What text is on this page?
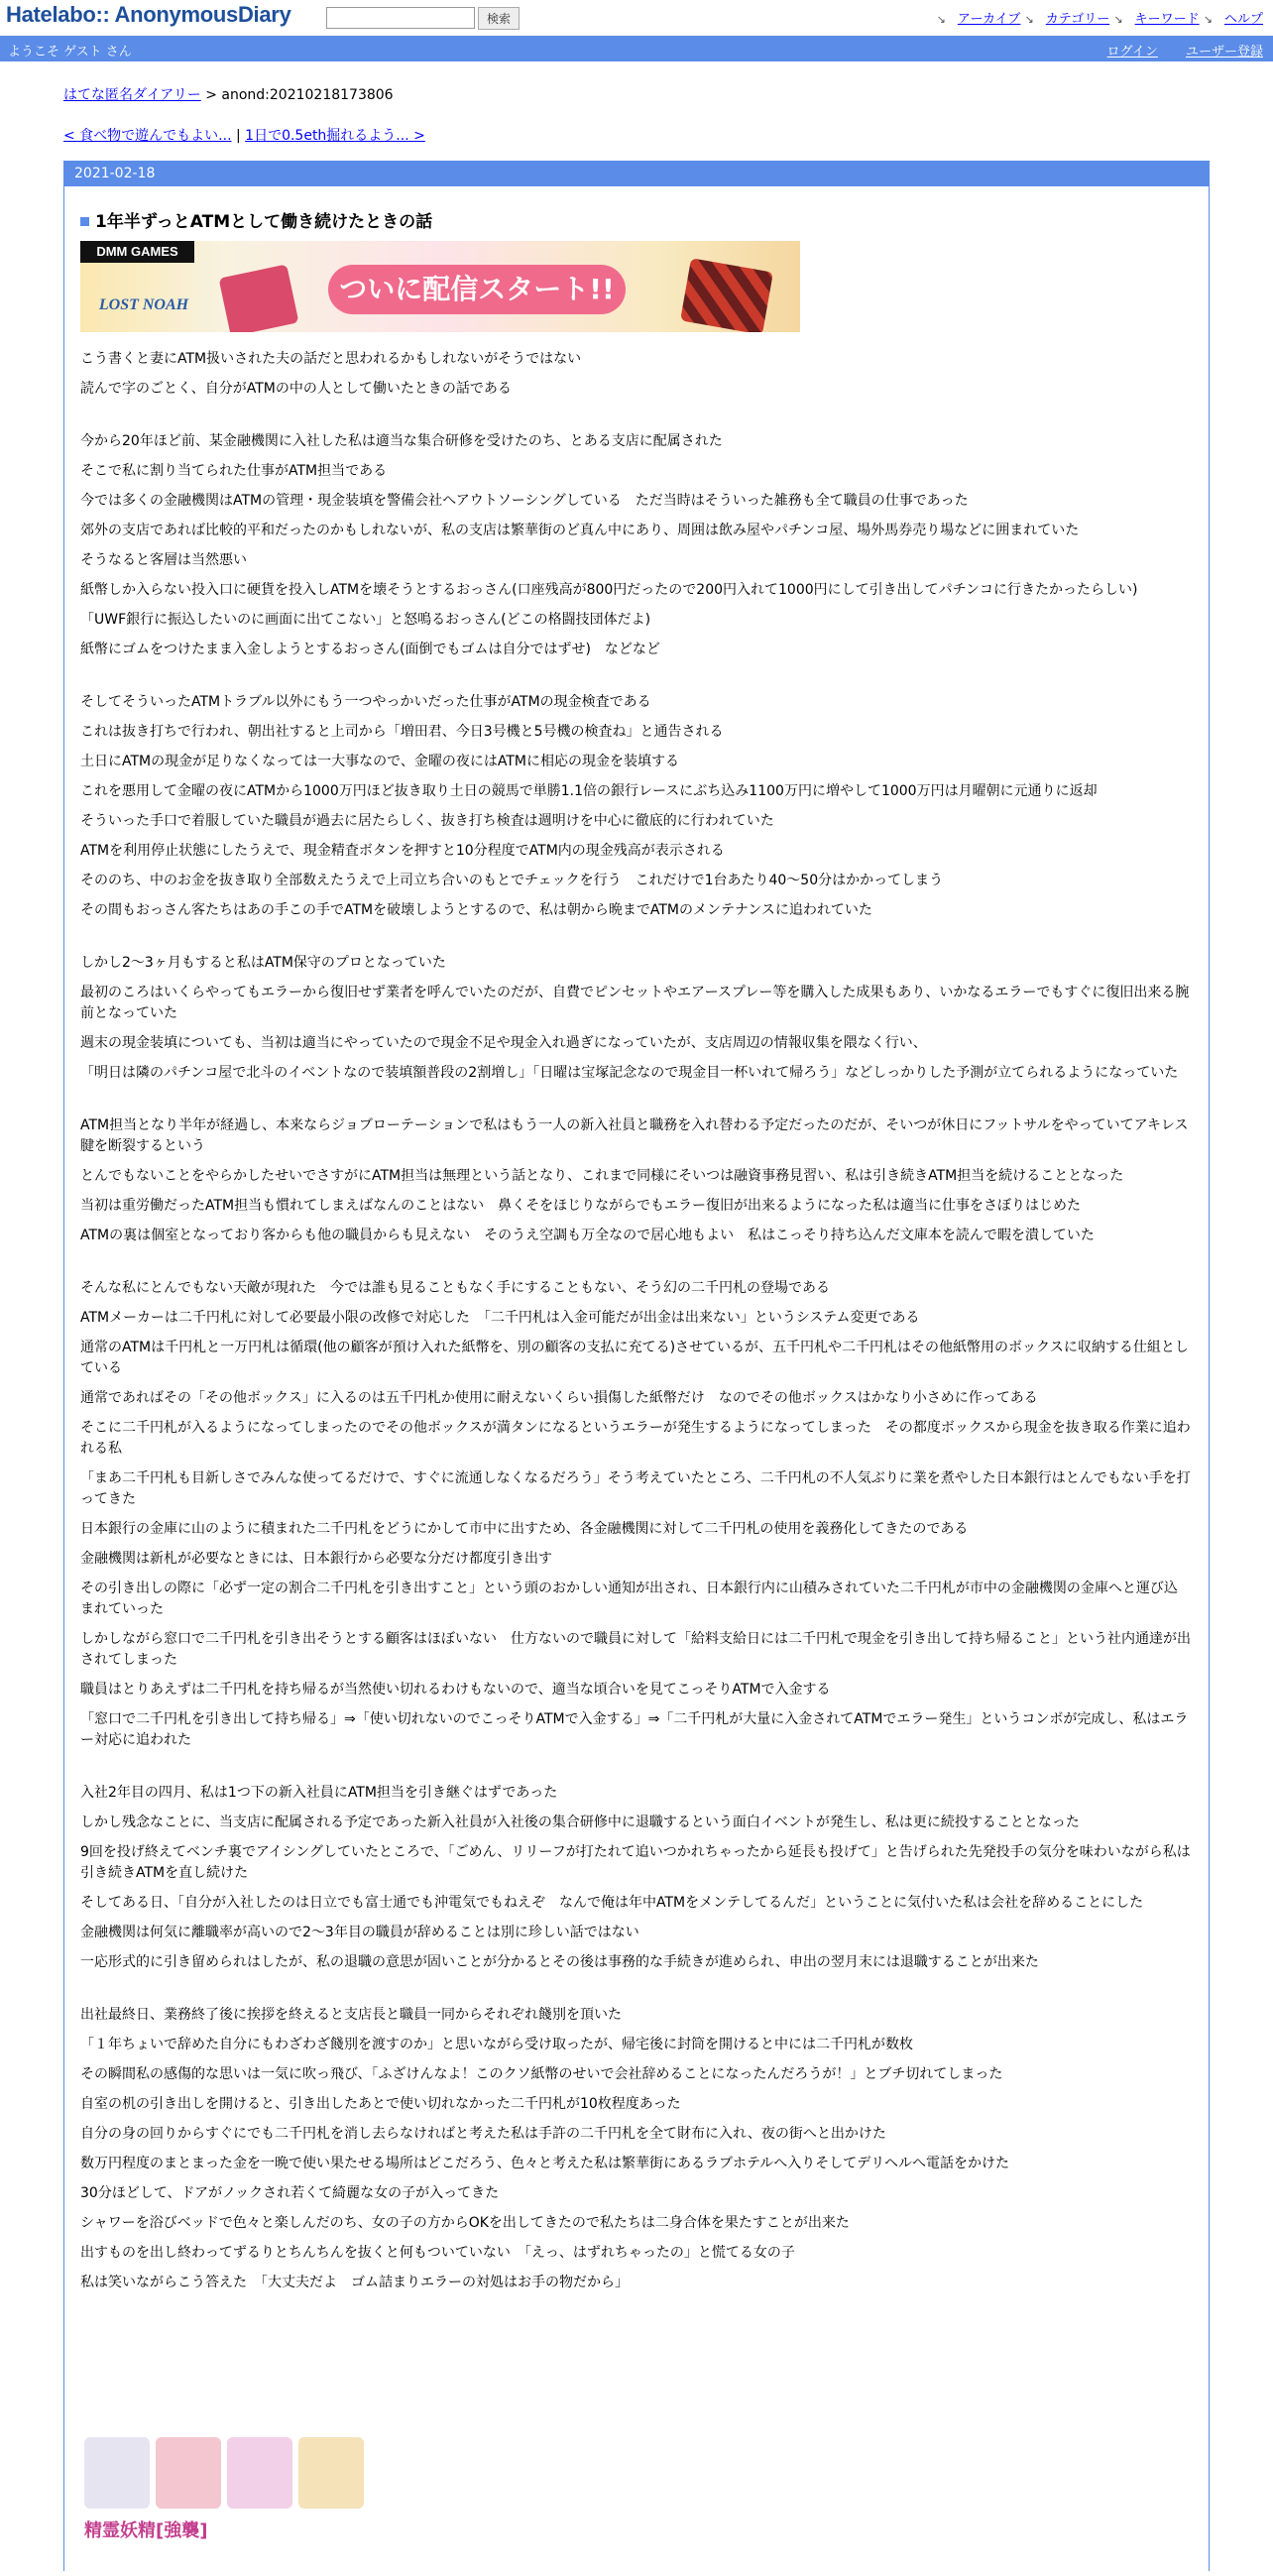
Hatelabo:: AnonymousDiary	検索	↘ アーカイブ ↘ カテゴリー ↘ キーワード ↘ ヘルプ
ようこそ ゲスト さん	ログイン ユーザー登録
はてな匿名ダイアリー > anond:20210218173806
< 食べ物で遊んでもよい... | 1日で0.5eth掘れるよう... >
2021-02-18
1年半ずっとATMとして働き続けたときの話
DMM GAMES
LOST NOAH	ついに配信スタート!!

こう書くと妻にATM扱いされた夫の話だと思われるかもしれないがそうではない

読んで字のごとく、自分がATMの中の人として働いたときの話である

今から20年ほど前、某金融機関に入社した私は適当な集合研修を受けたのち、とある支店に配属された

そこで私に割り当てられた仕事がATM担当である

今では多くの金融機関はATMの管理・現金装填を警備会社へアウトソーシングしている　ただ当時はそういった雑務も全て職員の仕事であった

郊外の支店であれば比較的平和だったのかもしれないが、私の支店は繁華街のど真ん中にあり、周囲は飲み屋やパチンコ屋、場外馬券売り場などに囲まれていた

そうなると客層は当然悪い

紙幣しか入らない投入口に硬貨を投入しATMを壊そうとするおっさん(口座残高が800円だったので200円入れて1000円にして引き出してパチンコに行きたかったらしい)

「UWF銀行に振込したいのに画面に出てこない」と怒鳴るおっさん(どこの格闘技団体だよ)

紙幣にゴムをつけたまま入金しようとするおっさん(面倒でもゴムは自分ではずせ)　などなど

そしてそういったATMトラブル以外にもう一つやっかいだった仕事がATMの現金検査である

これは抜き打ちで行われ、朝出社すると上司から「増田君、今日3号機と5号機の検査ね」と通告される

土日にATMの現金が足りなくなっては一大事なので、金曜の夜にはATMに相応の現金を装填する

これを悪用して金曜の夜にATMから1000万円ほど抜き取り土日の競馬で単勝1.1倍の銀行レースにぶち込み1100万円に増やして1000万円は月曜朝に元通りに返却

そういった手口で着服していた職員が過去に居たらしく、抜き打ち検査は週明けを中心に徹底的に行われていた

ATMを利用停止状態にしたうえで、現金精査ボタンを押すと10分程度でATM内の現金残高が表示される

そののち、中のお金を抜き取り全部数えたうえで上司立ち合いのもとでチェックを行う　これだけで1台あたり40～50分はかかってしまう

その間もおっさん客たちはあの手この手でATMを破壊しようとするので、私は朝から晩までATMのメンテナンスに追われていた

しかし2～3ヶ月もすると私はATM保守のプロとなっていた

最初のころはいくらやってもエラーから復旧せず業者を呼んでいたのだが、自費でピンセットやエアースプレー等を購入した成果もあり、いかなるエラーでもすぐに復旧出来る腕前となっていた

週末の現金装填についても、当初は適当にやっていたので現金不足や現金入れ過ぎになっていたが、支店周辺の情報収集を隈なく行い、

「明日は隣のパチンコ屋で北斗のイベントなので装填額普段の2割増し」「日曜は宝塚記念なので現金目一杯いれて帰ろう」などしっかりした予測が立てられるようになっていた

ATM担当となり半年が経過し、本来ならジョブローテーションで私はもう一人の新入社員と職務を入れ替わる予定だったのだが、そいつが休日にフットサルをやっていてアキレス腱を断裂するという

とんでもないことをやらかしたせいでさすがにATM担当は無理という話となり、これまで同様にそいつは融資事務見習い、私は引き続きATM担当を続けることとなった

当初は重労働だったATM担当も慣れてしまえばなんのことはない　鼻くそをほじりながらでもエラー復旧が出来るようになった私は適当に仕事をさぼりはじめた

ATMの裏は個室となっており客からも他の職員からも見えない　そのうえ空調も万全なので居心地もよい　私はこっそり持ち込んだ文庫本を読んで暇を潰していた

そんな私にとんでもない天敵が現れた　今では誰も見ることもなく手にすることもない、そう幻の二千円札の登場である

ATMメーカーは二千円札に対して必要最小限の改修で対応した　「二千円札は入金可能だが出金は出来ない」というシステム変更である

通常のATMは千円札と一万円札は循環(他の顧客が預け入れた紙幣を、別の顧客の支払に充てる)させているが、五千円札や二千円札はその他紙幣用のボックスに収納する仕組としている

通常であればその「その他ボックス」に入るのは五千円札か使用に耐えないくらい損傷した紙幣だけ　なのでその他ボックスはかなり小さめに作ってある

そこに二千円札が入るようになってしまったのでその他ボックスが満タンになるというエラーが発生するようになってしまった　その都度ボックスから現金を抜き取る作業に追われる私

「まあ二千円札も目新しさでみんな使ってるだけで、すぐに流通しなくなるだろう」そう考えていたところ、二千円札の不人気ぶりに業を煮やした日本銀行はとんでもない手を打ってきた

日本銀行の金庫に山のように積まれた二千円札をどうにかして市中に出すため、各金融機関に対して二千円札の使用を義務化してきたのである

金融機関は新札が必要なときには、日本銀行から必要な分だけ都度引き出す

その引き出しの際に「必ず一定の割合二千円札を引き出すこと」という頭のおかしい通知が出され、日本銀行内に山積みされていた二千円札が市中の金融機関の金庫へと運び込まれていった

しかしながら窓口で二千円札を引き出そうとする顧客はほぼいない　仕方ないので職員に対して「給料支給日には二千円札で現金を引き出して持ち帰ること」という社内通達が出されてしまった

職員はとりあえずは二千円札を持ち帰るが当然使い切れるわけもないので、適当な頃合いを見てこっそりATMで入金する

「窓口で二千円札を引き出して持ち帰る」⇒「使い切れないのでこっそりATMで入金する」⇒「二千円札が大量に入金されてATMでエラー発生」というコンボが完成し、私はエラー対応に追われた

入社2年目の四月、私は1つ下の新入社員にATM担当を引き継ぐはずであった

しかし残念なことに、当支店に配属される予定であった新入社員が入社後の集合研修中に退職するという面白イベントが発生し、私は更に続投することとなった

9回を投げ終えてベンチ裏でアイシングしていたところで、「ごめん、リリーフが打たれて追いつかれちゃったから延長も投げて」と告げられた先発投手の気分を味わいながら私は引き続きATMを直し続けた

そしてある日、「自分が入社したのは日立でも富士通でも沖電気でもねえぞ　なんで俺は年中ATMをメンテしてるんだ」ということに気付いた私は会社を辞めることにした

金融機関は何気に離職率が高いので2～3年目の職員が辞めることは別に珍しい話ではない

一応形式的に引き留められはしたが、私の退職の意思が固いことが分かるとその後は事務的な手続きが進められ、申出の翌月末には退職することが出来た

出社最終日、業務終了後に挨拶を終えると支店長と職員一同からそれぞれ餞別を頂いた

「１年ちょいで辞めた自分にもわざわざ餞別を渡すのか」と思いながら受け取ったが、帰宅後に封筒を開けると中には二千円札が数枚

その瞬間私の感傷的な思いは一気に吹っ飛び、「ふざけんなよ！このクソ紙幣のせいで会社辞めることになったんだろうが！」とブチ切れてしまった

自室の机の引き出しを開けると、引き出したあとで使い切れなかった二千円札が10枚程度あった

自分の身の回りからすぐにでも二千円札を消し去らなければと考えた私は手許の二千円札を全て財布に入れ、夜の街へと出かけた

数万円程度のまとまった金を一晩で使い果たせる場所はどこだろう、色々と考えた私は繁華街にあるラブホテルへ入りそしてデリヘルへ電話をかけた

30分ほどして、ドアがノックされ若くて綺麗な女の子が入ってきた

シャワーを浴びベッドで色々と楽しんだのち、女の子の方からOKを出してきたので私たちは二身合体を果たすことが出来た

出すものを出し終わってずるりとちんちんを抜くと何もついていない　「えっ、はずれちゃったの」と慌てる女の子

私は笑いながらこう答えた　「大丈夫だよ　ゴム詰まりエラーの対処はお手の物だから」

精霊妖精[強襲]
